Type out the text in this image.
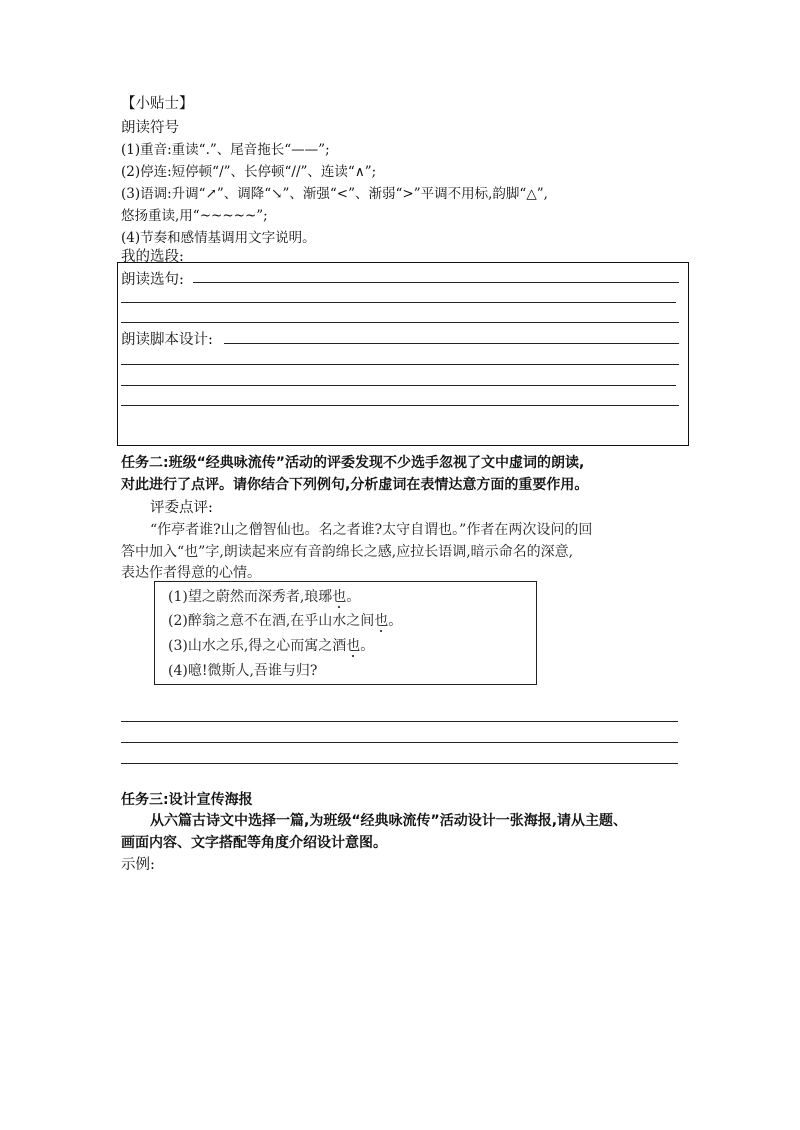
【小贴士】
朗读符号
(1)重音:重读“.”、尾音拖长“——”;
(2)停连:短停顿“/”、长停顿“//”、连读“∧”;
(3)语调:升调“↗”、调降“↘”、渐强“<”、渐弱“>”平调不用标,韵脚“△”,
悠扬重读,用“~~~~~”;
(4)节奏和感情基调用文字说明。
我的选段:
朗读选句:
朗读脚本设计:
任务二:班级“经典咏流传”活动的评委发现不少选手忽视了文中虚词的朗读,
对此进行了点评。请你结合下列例句,分析虚词在表情达意方面的重要作用。
评委点评:
“作亭者谁?山之僧智仙也。名之者谁?太守自谓也。”作者在两次设问的回
答中加入“也”字,朗读起来应有音韵绵长之感,应拉长语调,暗示命名的深意,
表达作者得意的心情。
(1)望之蔚然而深秀者,琅琊也。
(2)醉翁之意不在酒,在乎山水之间也。
(3)山水之乐,得之心而寓之酒也。
(4)噫!微斯人,吾谁与归?
任务三:设计宣传海报
从六篇古诗文中选择一篇,为班级“经典咏流传”活动设计一张海报,请从主题、
画面内容、文字搭配等角度介绍设计意图。
示例:
